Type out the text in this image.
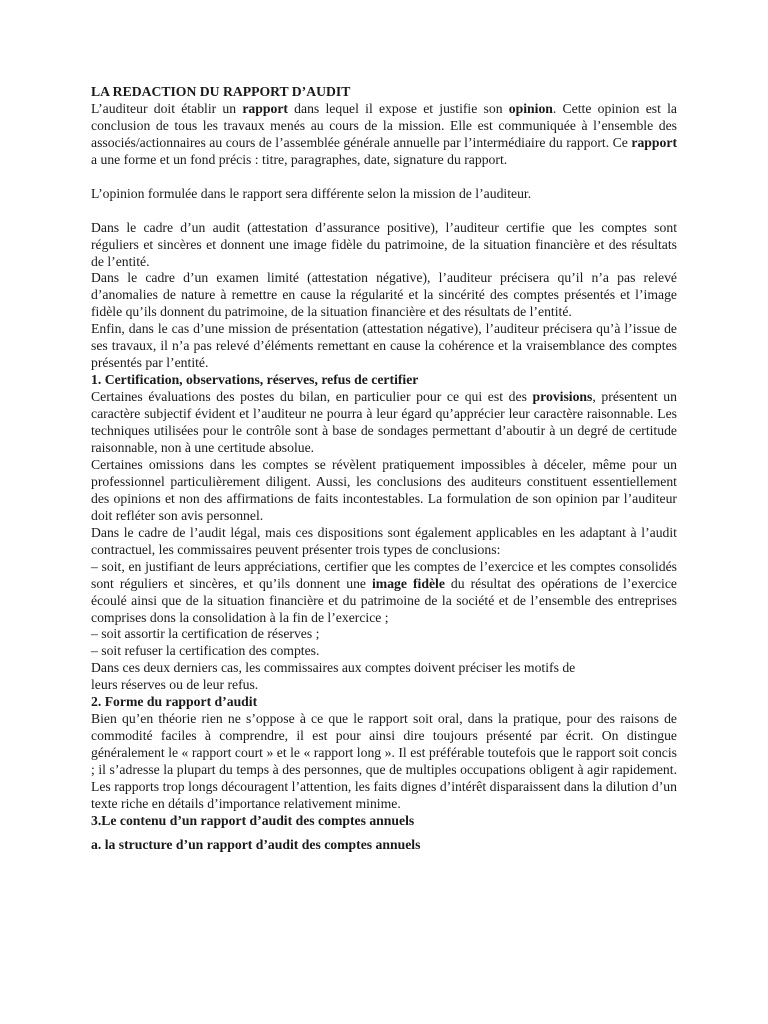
LA REDACTION DU RAPPORT D’AUDIT

L’auditeur doit établir un rapport dans lequel il expose et justifie son opinion. Cette opinion est la conclusion de tous les travaux menés au cours de la mission. Elle est communiquée à l’ensemble des associés/actionnaires au cours de l’assemblée générale annuelle par l’intermédiaire du rapport. Ce rapport a une forme et un fond précis : titre, paragraphes, date, signature du rapport.

L’opinion formulée dans le rapport sera différente selon la mission de l’auditeur.

Dans le cadre d’un audit (attestation d’assurance positive), l’auditeur certifie que les comptes sont réguliers et sincères et donnent une image fidèle du patrimoine, de la situation financière et des résultats de l’entité.

Dans le cadre d’un examen limité (attestation négative), l’auditeur précisera qu’il n’a pas relevé d’anomalies de nature à remettre en cause la régularité et la sincérité des comptes présentés et l’image fidèle qu’ils donnent du patrimoine, de la situation financière et des résultats de l’entité.

Enfin, dans le cas d’une mission de présentation (attestation négative), l’auditeur précisera qu’à l’issue de ses travaux, il n’a pas relevé d’éléments remettant en cause la cohérence et la vraisemblance des comptes présentés par l’entité.

1. Certification, observations, réserves, refus de certifier

Certaines évaluations des postes du bilan, en particulier pour ce qui est des provisions, présentent un caractère subjectif évident et l’auditeur ne pourra à leur égard qu’apprécier leur caractère raisonnable. Les techniques utilisées pour le contrôle sont à base de sondages permettant d’aboutir à un degré de certitude raisonnable, non à une certitude absolue.

Certaines omissions dans les comptes se révèlent pratiquement impossibles à déceler, même pour un professionnel particulièrement diligent. Aussi, les conclusions des auditeurs constituent essentiellement des opinions et non des affirmations de faits incontestables. La formulation de son opinion par l’auditeur doit refléter son avis personnel.

Dans le cadre de l’audit légal, mais ces dispositions sont également applicables en les adaptant à l’audit contractuel, les commissaires peuvent présenter trois types de conclusions:

– soit, en justifiant de leurs appréciations, certifier que les comptes de l’exercice et les comptes consolidés sont réguliers et sincères, et qu’ils donnent une image fidèle du résultat des opérations de l’exercice écoulé ainsi que de la situation financière et du patrimoine de la société et de l’ensemble des entreprises comprises dons la consolidation à la fin de l’exercice ;

– soit assortir la certification de réserves ;

– soit refuser la certification des comptes.

Dans ces deux derniers cas, les commissaires aux comptes doivent préciser les motifs de

leurs réserves ou de leur refus.

2. Forme du rapport d’audit

Bien qu’en théorie rien ne s’oppose à ce que le rapport soit oral, dans la pratique, pour des raisons de commodité faciles à comprendre, il est pour ainsi dire toujours présenté par écrit. On distingue généralement le « rapport court » et le « rapport long ». Il est préférable toutefois que le rapport soit concis ; il s’adresse la plupart du temps à des personnes, que de multiples occupations obligent à agir rapidement. Les rapports trop longs découragent l’attention, les faits dignes d’intérêt disparaissent dans la dilution d’un texte riche en détails d’importance relativement minime.

3.Le contenu d’un rapport d’audit des comptes annuels
a. la structure d’un rapport d’audit des comptes annuels
